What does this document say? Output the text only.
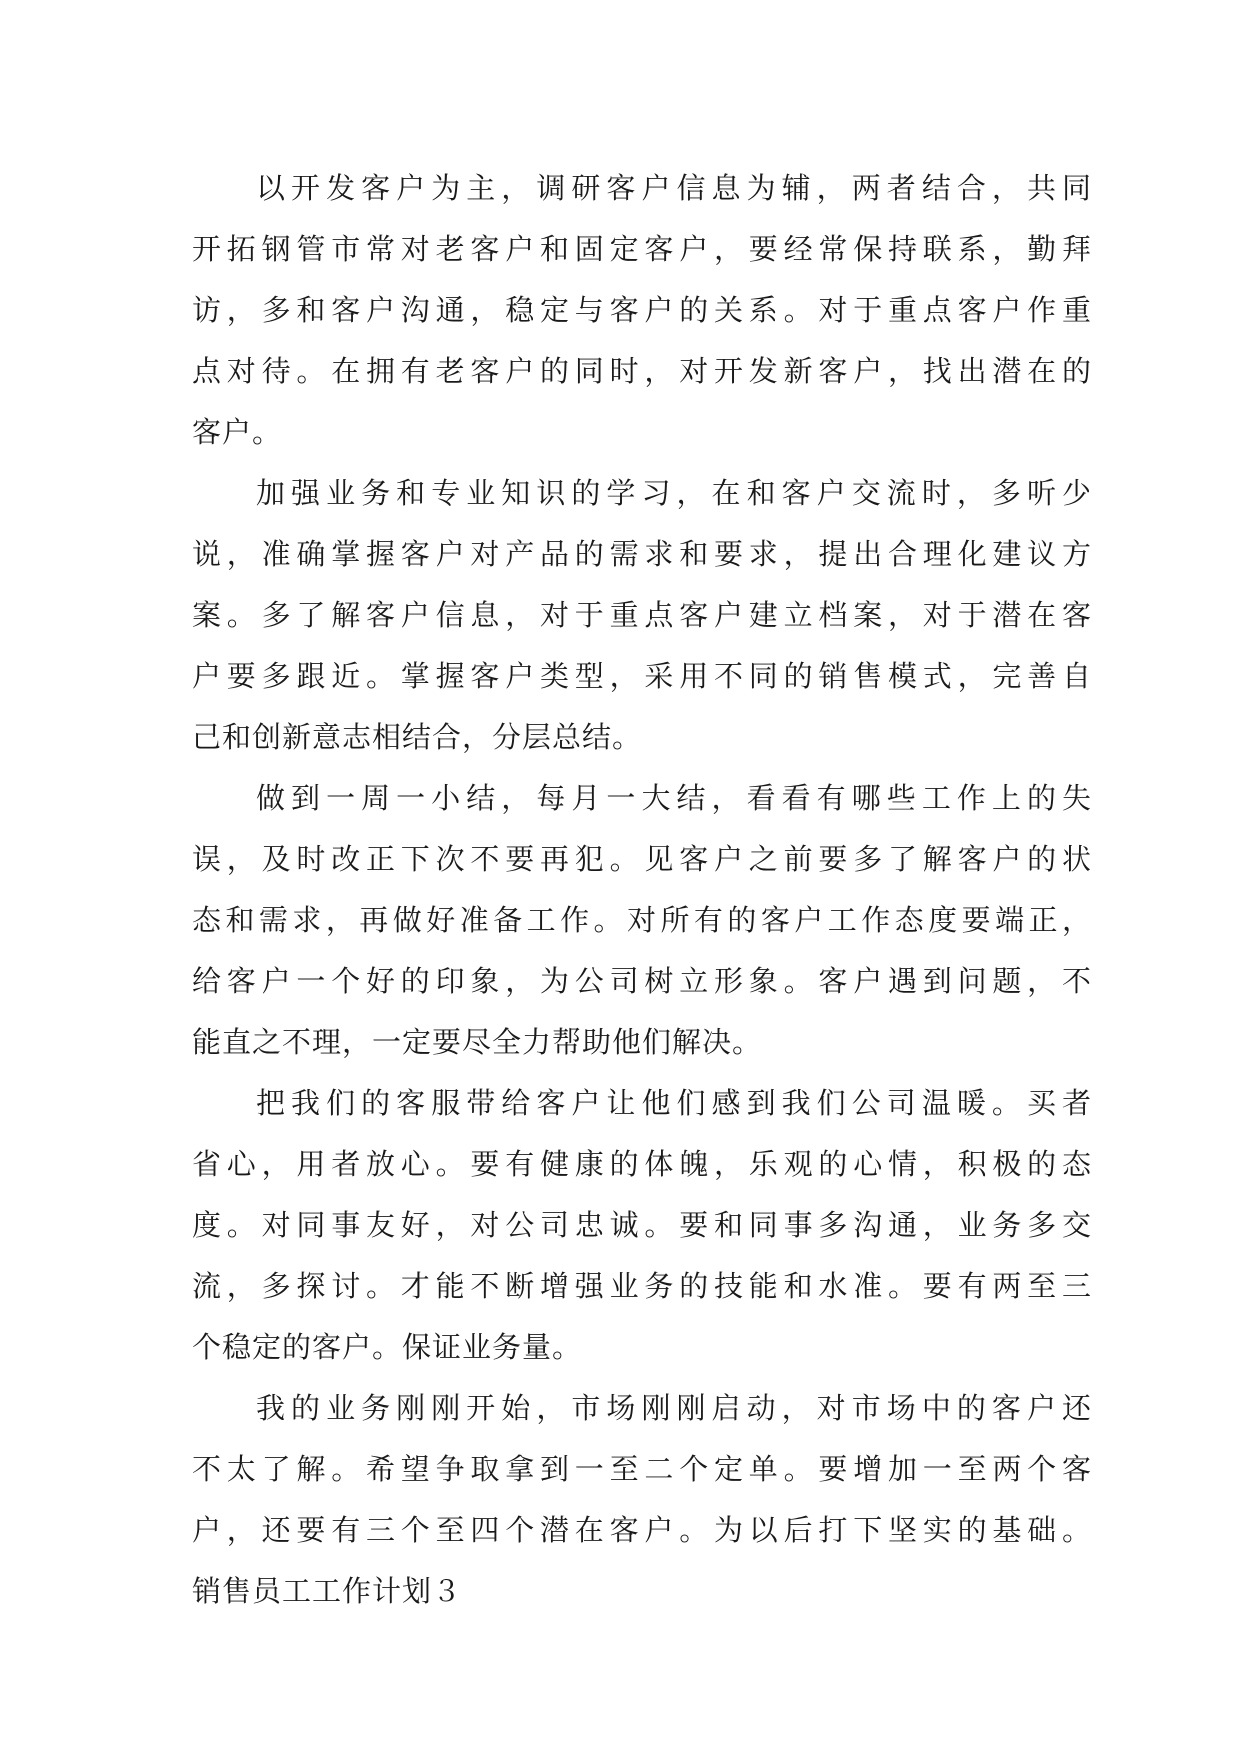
以开发客户为主，调研客户信息为辅，两者结合，共同
开拓钢管市常对老客户和固定客户，要经常保持联系，勤拜
访，多和客户沟通，稳定与客户的关系。对于重点客户作重
点对待。在拥有老客户的同时，对开发新客户，找出潜在的
客户。
加强业务和专业知识的学习，在和客户交流时，多听少
说，准确掌握客户对产品的需求和要求，提出合理化建议方
案。多了解客户信息，对于重点客户建立档案，对于潜在客
户要多跟近。掌握客户类型，采用不同的销售模式，完善自
己和创新意志相结合，分层总结。
做到一周一小结，每月一大结，看看有哪些工作上的失
误，及时改正下次不要再犯。见客户之前要多了解客户的状
态和需求，再做好准备工作。对所有的客户工作态度要端正，
给客户一个好的印象，为公司树立形象。客户遇到问题，不
能直之不理，一定要尽全力帮助他们解决。
把我们的客服带给客户让他们感到我们公司温暖。买者
省心，用者放心。要有健康的体魄，乐观的心情，积极的态
度。对同事友好，对公司忠诚。要和同事多沟通，业务多交
流，多探讨。才能不断增强业务的技能和水准。要有两至三
个稳定的客户。保证业务量。
我的业务刚刚开始，市场刚刚启动，对市场中的客户还
不太了解。希望争取拿到一至二个定单。要增加一至两个客
户，还要有三个至四个潜在客户。为以后打下坚实的基础。
销售员工工作计划３
